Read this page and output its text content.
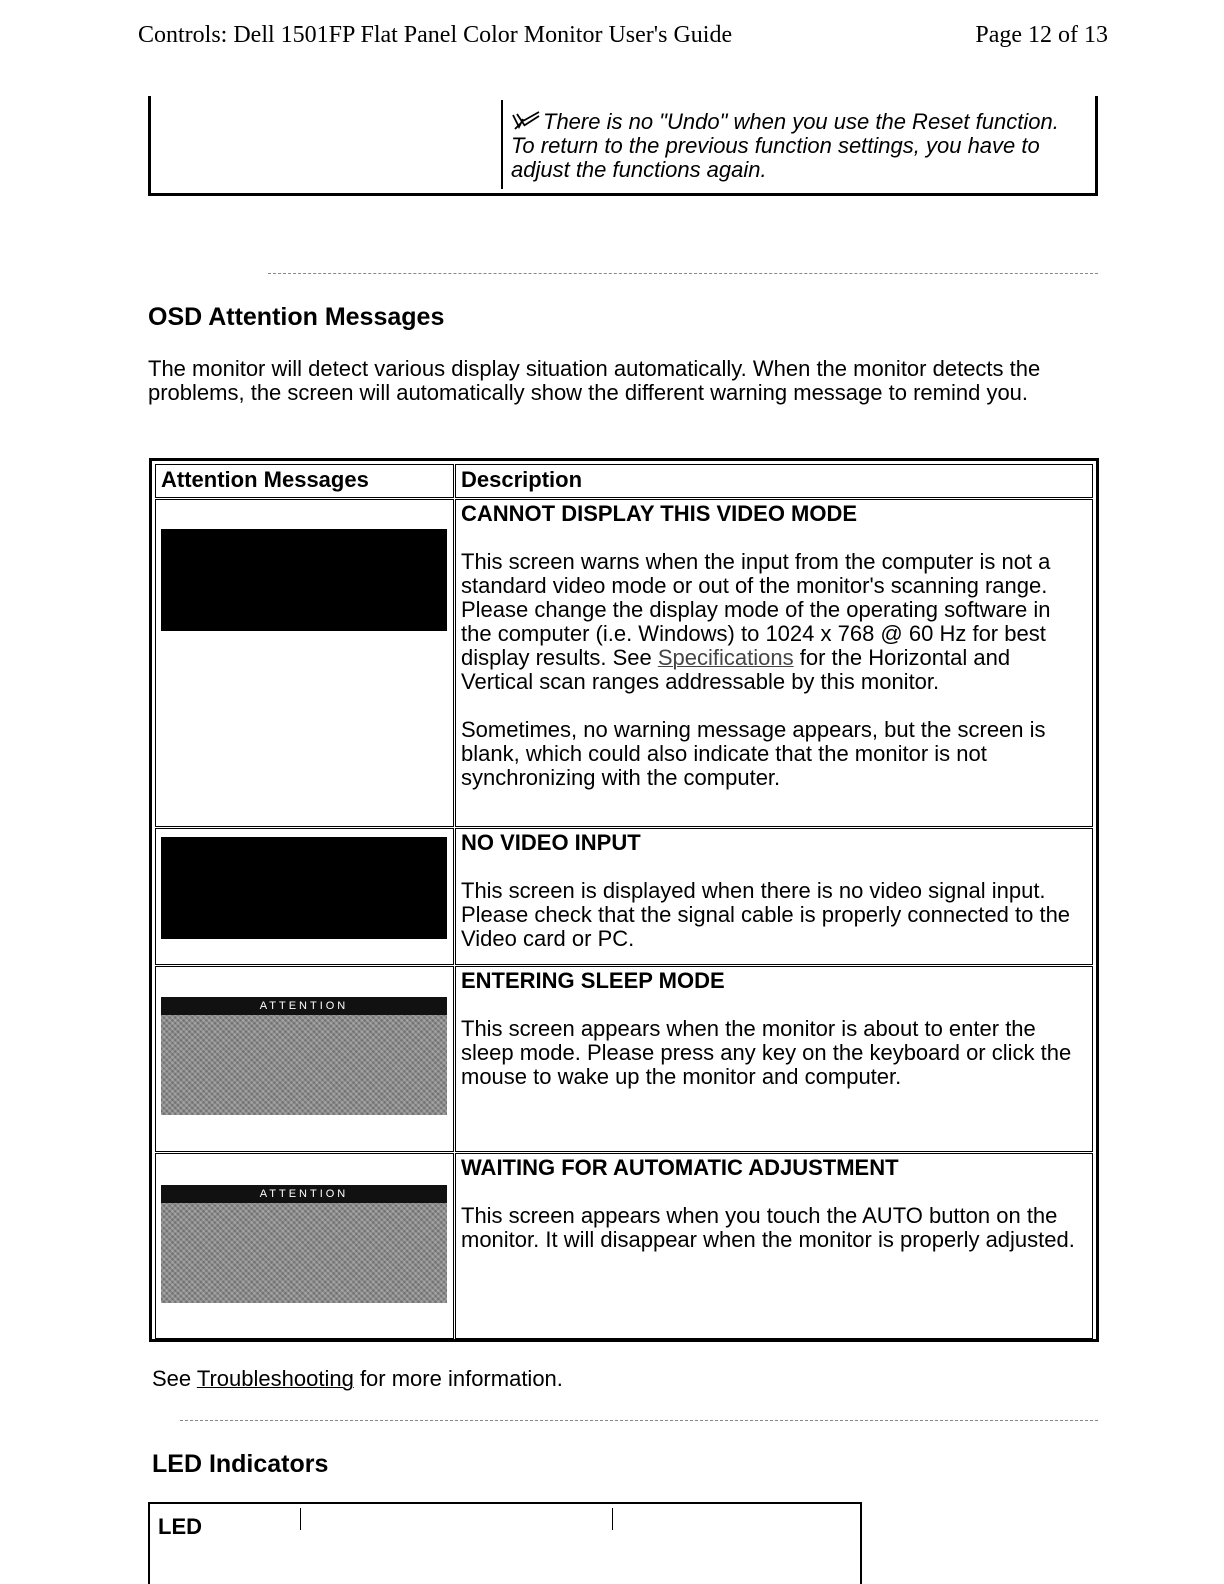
Controls: Dell 1501FP Flat Panel Color Monitor User's Guide	Page 12 of 13
There is no "Undo" when you use the Reset function. To return to the previous function settings, you have to adjust the functions again.
OSD Attention Messages
The monitor will detect various display situation automatically. When the monitor detects the problems, the screen will automatically show the different warning message to remind you.
Attention Messages	Description
CANNOT DISPLAY THIS VIDEO MODE

This screen warns when the input from the computer is not a standard video mode or out of the monitor's scanning range. Please change the display mode of the operating software in the computer (i.e. Windows) to 1024 x 768 @ 60 Hz for best display results. See Specifications for the Horizontal and Vertical scan ranges addressable by this monitor.

Sometimes, no warning message appears, but the screen is blank, which could also indicate that the monitor is not synchronizing with the computer.

NO VIDEO INPUT

This screen is displayed when there is no video signal input. Please check that the signal cable is properly connected to the Video card or PC.

ATTENTION
ENTERING SLEEP MODE

This screen appears when the monitor is about to enter the sleep mode. Please press any key on the keyboard or click the mouse to wake up the monitor and computer.

ATTENTION
WAITING FOR AUTOMATIC ADJUSTMENT

This screen appears when you touch the AUTO button on the monitor. It will disappear when the monitor is properly adjusted.

See Troubleshooting for more information.
LED Indicators
LED
